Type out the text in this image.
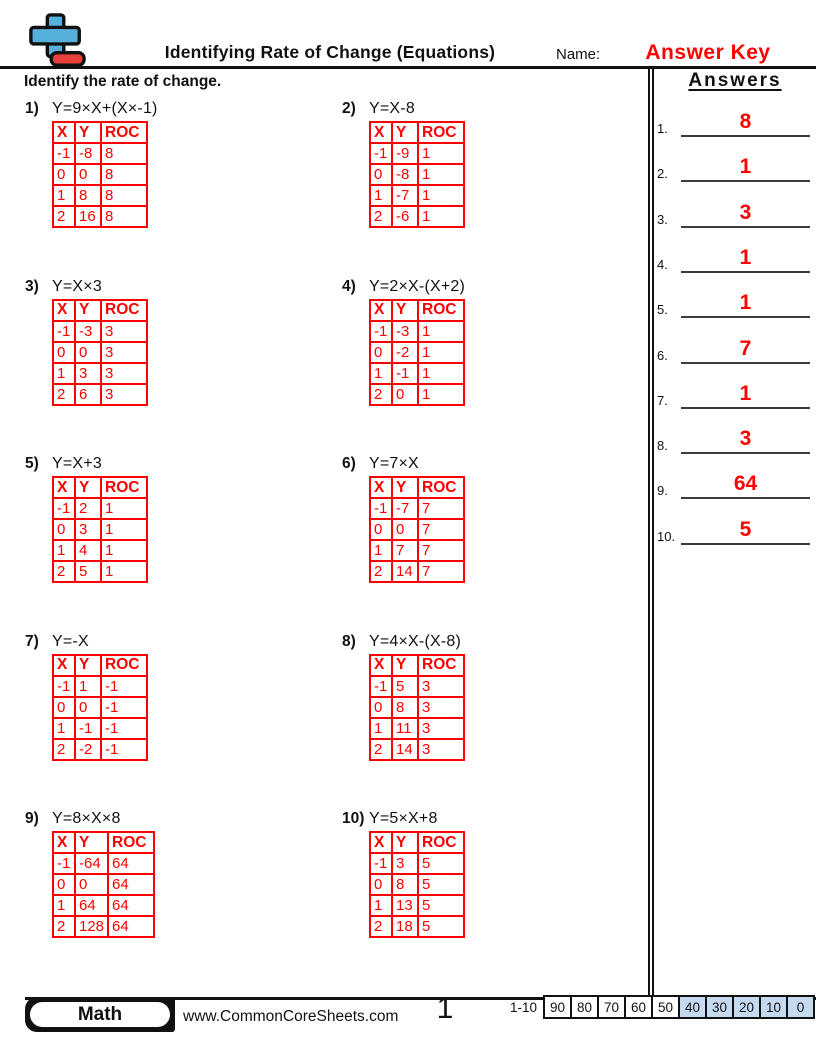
Identifying Rate of Change (Equations)	Name:	Answer Key
Identify the rate of change.
1) Y=9×X+(X×-1)
X	Y	ROC
-1	-8	8
0	0	8
1	8	8
2	16	8
2) Y=X-8
X	Y	ROC
-1	-9	1
0	-8	1
1	-7	1
2	-6	1
3) Y=X×3
X	Y	ROC
-1	-3	3
0	0	3
1	3	3
2	6	3
4) Y=2×X-(X+2)
X	Y	ROC
-1	-3	1
0	-2	1
1	-1	1
2	0	1
5) Y=X+3
X	Y	ROC
-1	2	1
0	3	1
1	4	1
2	5	1
6) Y=7×X
X	Y	ROC
-1	-7	7
0	0	7
1	7	7
2	14	7
7) Y=-X
X	Y	ROC
-1	1	-1
0	0	-1
1	-1	-1
2	-2	-1
8) Y=4×X-(X-8)
X	Y	ROC
-1	5	3
0	8	3
1	11	3
2	14	3
9) Y=8×X×8
X	Y	ROC
-1	-64	64
0	0	64
1	64	64
2	128	64
10) Y=5×X+8
X	Y	ROC
-1	3	5
0	8	5
1	13	5
2	18	5
Answers
1.	8
2.	1
3.	3
4.	1
5.	1
6.	7
7.	1
8.	3
9.	64
10.	5
Math	www.CommonCoreSheets.com	1	1-10 90 80 70 60 50 40 30 20 10	0
